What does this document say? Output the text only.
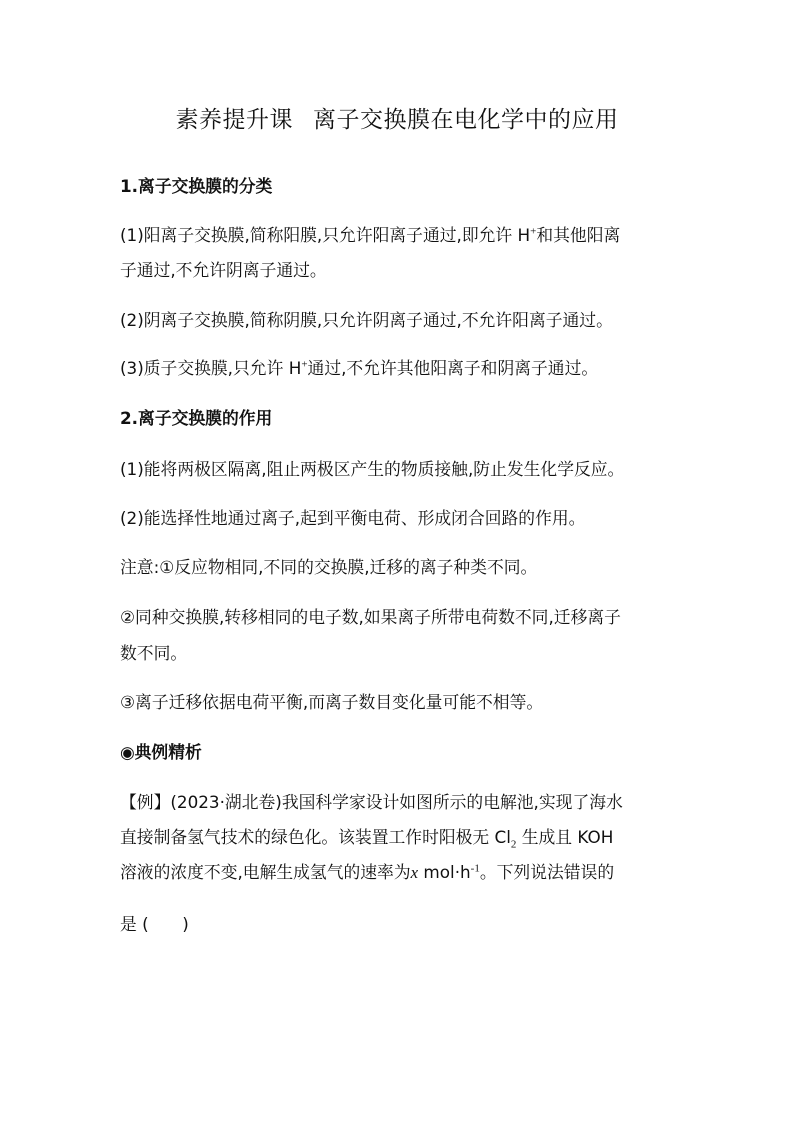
素养提升课 离子交换膜在电化学中的应用
1.离子交换膜的分类
(1)阳离子交换膜,简称阳膜,只允许阳离子通过,即允许 H+和其他阳离
子通过,不允许阴离子通过。
(2)阴离子交换膜,简称阴膜,只允许阴离子通过,不允许阳离子通过。
(3)质子交换膜,只允许 H+通过,不允许其他阳离子和阴离子通过。
2.离子交换膜的作用
(1)能将两极区隔离,阻止两极区产生的物质接触,防止发生化学反应。
(2)能选择性地通过离子,起到平衡电荷、形成闭合回路的作用。
注意:①反应物相同,不同的交换膜,迁移的离子种类不同。
②同种交换膜,转移相同的电子数,如果离子所带电荷数不同,迁移离子
数不同。
③离子迁移依据电荷平衡,而离子数目变化量可能不相等。
◉典例精析
【例】(2023·湖北卷)我国科学家设计如图所示的电解池,实现了海水
直接制备氢气技术的绿色化。该装置工作时阳极无 $Cl_2$ 生成且 KOH
溶液的浓度不变,电解生成氢气的速率为x $mol\cdot h^{-1}$。下列说法错误的
是 (　　)
